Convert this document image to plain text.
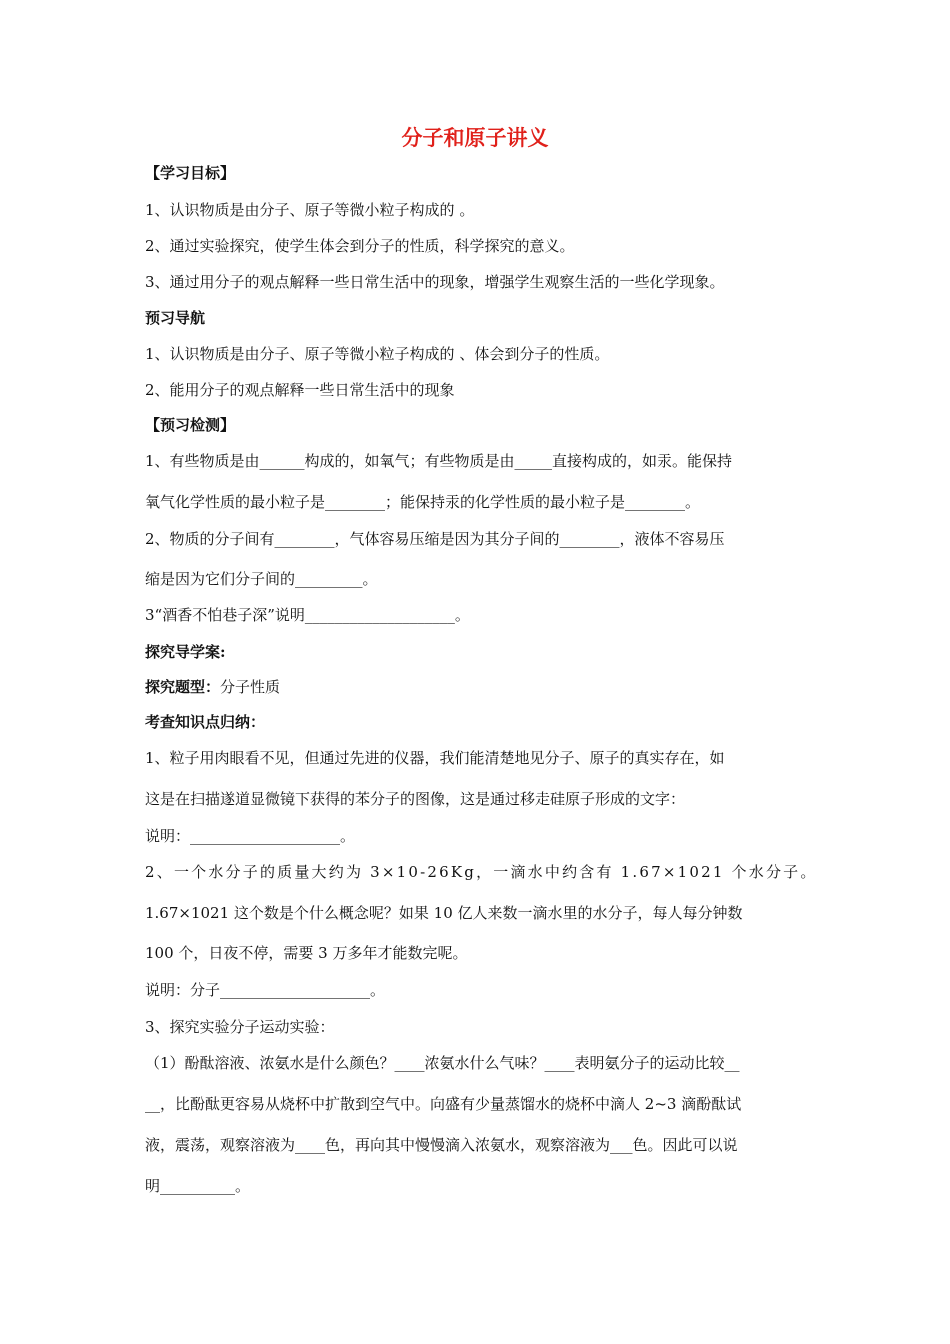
分子和原子讲义
【学习目标】
1、认识物质是由分子、原子等微小粒子构成的 。
2、通过实验探究，使学生体会到分子的性质，科学探究的意义。
3、通过用分子的观点解释一些日常生活中的现象，增强学生观察生活的一些化学现象。
预习导航
1、认识物质是由分子、原子等微小粒子构成的 、体会到分子的性质。
2、能用分子的观点解释一些日常生活中的现象
【预习检测】
1、有些物质是由______构成的，如氧气；有些物质是由_____直接构成的，如汞。能保持
氧气化学性质的最小粒子是________；能保持汞的化学性质的最小粒子是________。
2、物质的分子间有________，气体容易压缩是因为其分子间的________，液体不容易压
缩是因为它们分子间的_________。
3“酒香不怕巷子深”说明____________________。
探究导学案:
探究题型：分子性质
考查知识点归纳：
1、粒子用肉眼看不见，但通过先进的仪器，我们能清楚地见分子、原子的真实存在，如
这是在扫描遂道显微镜下获得的苯分子的图像，这是通过移走硅原子形成的文字：
说明：____________________。
2、一个水分子的质量大约为 3×10-26Kg，一滴水中约含有 1.67×1021 个水分子。
1.67×1021 这个数是个什么概念呢？如果 10 亿人来数一滴水里的水分子，每人每分钟数
100 个，日夜不停，需要 3 万多年才能数完呢。
说明：分子____________________。
3、探究实验分子运动实验：
（1）酚酞溶液、浓氨水是什么颜色？____浓氨水什么气味？____表明氨分子的运动比较__
__，比酚酞更容易从烧杯中扩散到空气中。向盛有少量蒸馏水的烧杯中滴人 2~3 滴酚酞试
液，震荡，观察溶液为____色，再向其中慢慢滴入浓氨水，观察溶液为___色。因此可以说
明__________。
